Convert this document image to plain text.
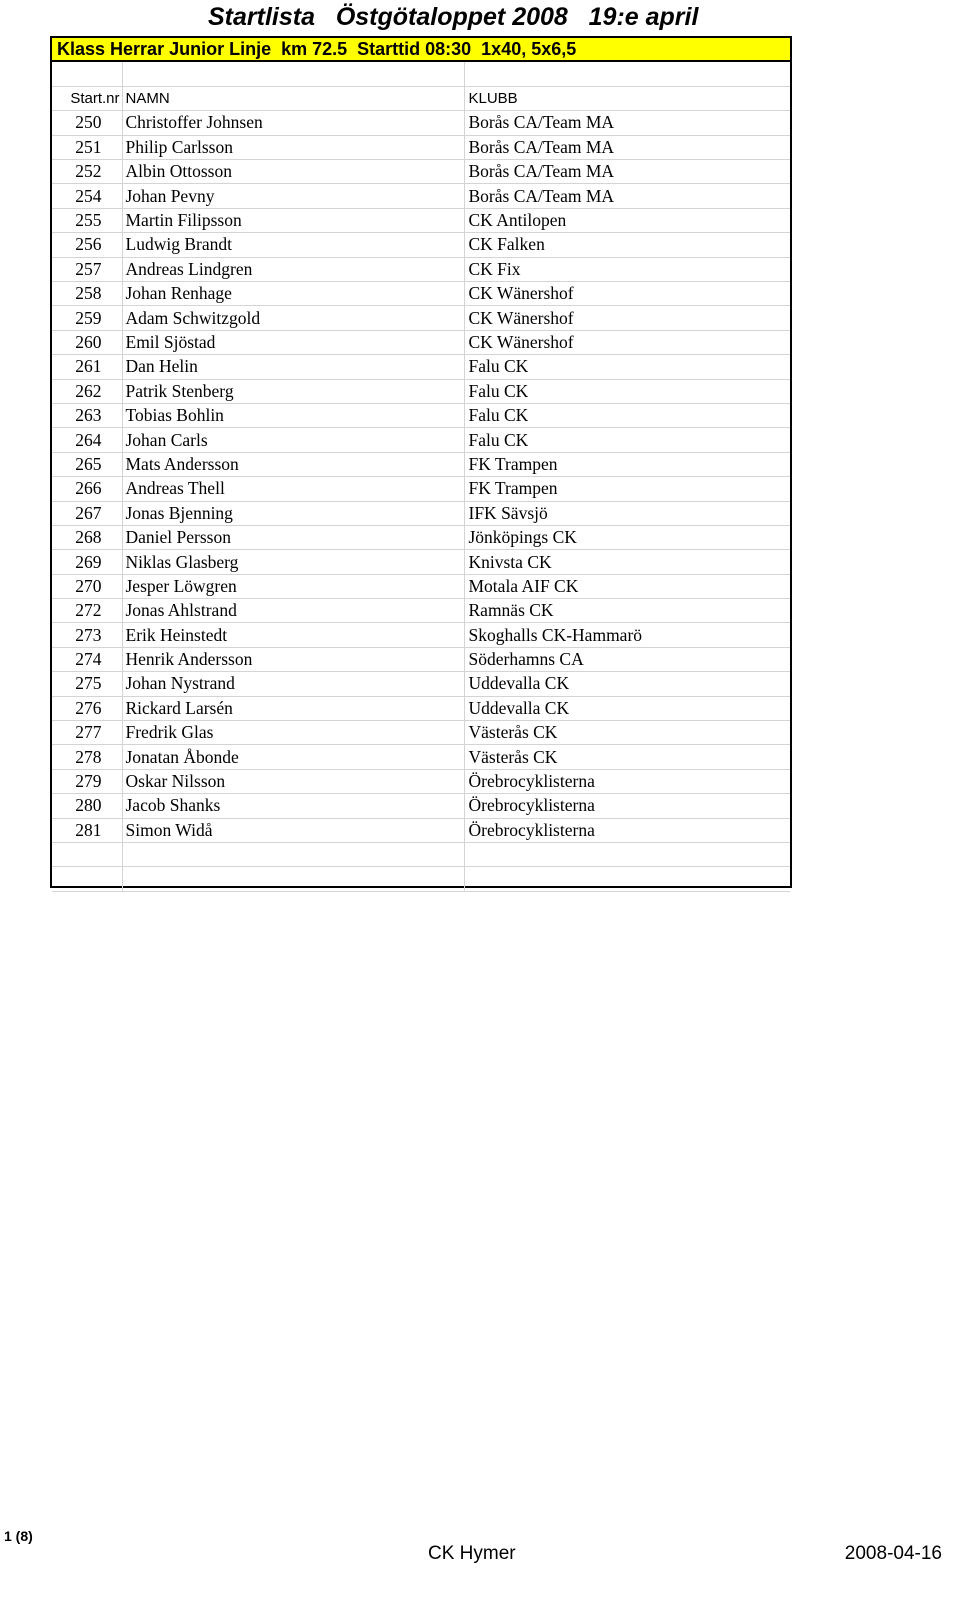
Startlista   Östgötaloppet 2008   19:e april
Klass Herrar Junior Linje  km 72.5  Starttid 08:30  1x40, 5x6,5

Start.nr	NAMN	KLUBB
250	Christoffer Johnsen	Borås CA/Team MA
251	Philip Carlsson	Borås CA/Team MA
252	Albin Ottosson	Borås CA/Team MA
254	Johan Pevny	Borås CA/Team MA
255	Martin Filipsson	CK Antilopen
256	Ludwig Brandt	CK Falken
257	Andreas Lindgren	CK Fix
258	Johan Renhage	CK Wänershof
259	Adam Schwitzgold	CK Wänershof
260	Emil Sjöstad	CK Wänershof
261	Dan Helin	Falu CK
262	Patrik Stenberg	Falu CK
263	Tobias Bohlin	Falu CK
264	Johan Carls	Falu CK
265	Mats Andersson	FK Trampen
266	Andreas Thell	FK Trampen
267	Jonas Bjenning	IFK Sävsjö
268	Daniel Persson	Jönköpings CK
269	Niklas Glasberg	Knivsta CK
270	Jesper Löwgren	Motala AIF CK
272	Jonas Ahlstrand	Ramnäs CK
273	Erik Heinstedt	Skoghalls CK-Hammarö
274	Henrik Andersson	Söderhamns CA
275	Johan Nystrand	Uddevalla CK
276	Rickard Larsén	Uddevalla CK
277	Fredrik Glas	Västerås CK
278	Jonatan Åbonde	Västerås CK
279	Oskar Nilsson	Örebrocyklisterna
280	Jacob Shanks	Örebrocyklisterna
281	Simon Widå	Örebrocyklisterna

1 (8)
CK Hymer	2008-04-16
